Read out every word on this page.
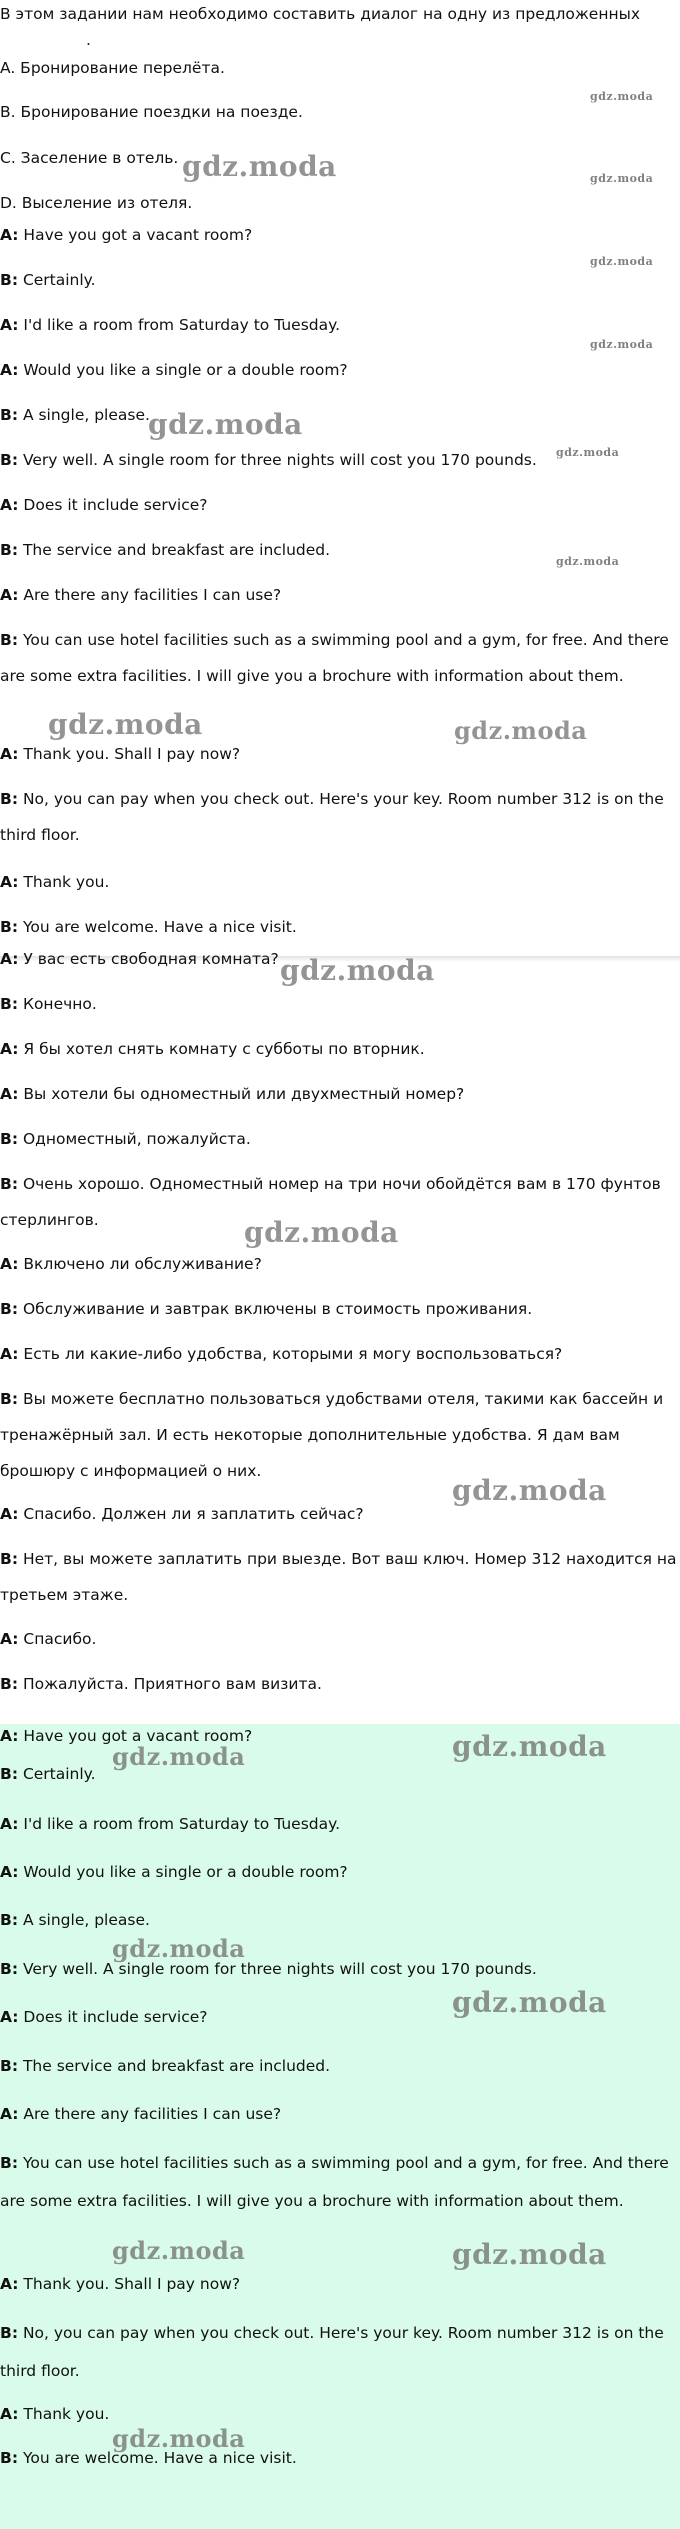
В этом задании нам необходимо составить диалог на одну из предложенных
.
A. Бронирование перелёта.
B. Бронирование поездки на поезде.
C. Заселение в отель.
D. Выселение из отеля.
A: Have you got a vacant room?
B: Certainly.
A: I'd like a room from Saturday to Tuesday.
A: Would you like a single or a double room?
B: A single, please.
B: Very well. A single room for three nights will cost you 170 pounds.
A: Does it include service?
B: The service and breakfast are included.
A: Are there any facilities I can use?
B: You can use hotel facilities such as a swimming pool and a gym, for free. And there are some extra facilities. I will give you a brochure with information about them.
A: Thank you. Shall I pay now?
B: No, you can pay when you check out. Here's your key. Room number 312 is on the third floor.
A: Thank you.
B: You are welcome. Have a nice visit.
gdz.moda
gdz.moda	gdz.moda
gdz.moda
gdz.moda
gdz.moda
gdz.moda
gdz.moda
gdz.moda	gdz.moda
A: У вас есть свободная комната?
B: Конечно.
A: Я бы хотел снять комнату с субботы по вторник.
A: Вы хотели бы одноместный или двухместный номер?
B: Одноместный, пожалуйста.
B: Очень хорошо. Одноместный номер на три ночи обойдётся вам в 170 фунтов стерлингов.
A: Включено ли обслуживание?
B: Обслуживание и завтрак включены в стоимость проживания.
A: Есть ли какие-либо удобства, которыми я могу воспользоваться?
B: Вы можете бесплатно пользоваться удобствами отеля, такими как бассейн и тренажёрный зал. И есть некоторые дополнительные удобства. Я дам вам брошюру с информацией о них.
A: Спасибо. Должен ли я заплатить сейчас?
B: Нет, вы можете заплатить при выезде. Вот ваш ключ. Номер 312 находится на третьем этаже.
A: Спасибо.
B: Пожалуйста. Приятного вам визита.
gdz.moda
gdz.moda
gdz.moda
A: Have you got a vacant room?
B: Certainly.
A: I'd like a room from Saturday to Tuesday.
A: Would you like a single or a double room?
B: A single, please.
B: Very well. A single room for three nights will cost you 170 pounds.
A: Does it include service?
B: The service and breakfast are included.
A: Are there any facilities I can use?
B: You can use hotel facilities such as a swimming pool and a gym, for free. And there are some extra facilities. I will give you a brochure with information about them.
A: Thank you. Shall I pay now?
B: No, you can pay when you check out. Here's your key. Room number 312 is on the third floor.
A: Thank you.
B: You are welcome. Have a nice visit.
gdz.moda
gdz.moda
gdz.moda
gdz.moda
gdz.moda	gdz.moda
gdz.moda
